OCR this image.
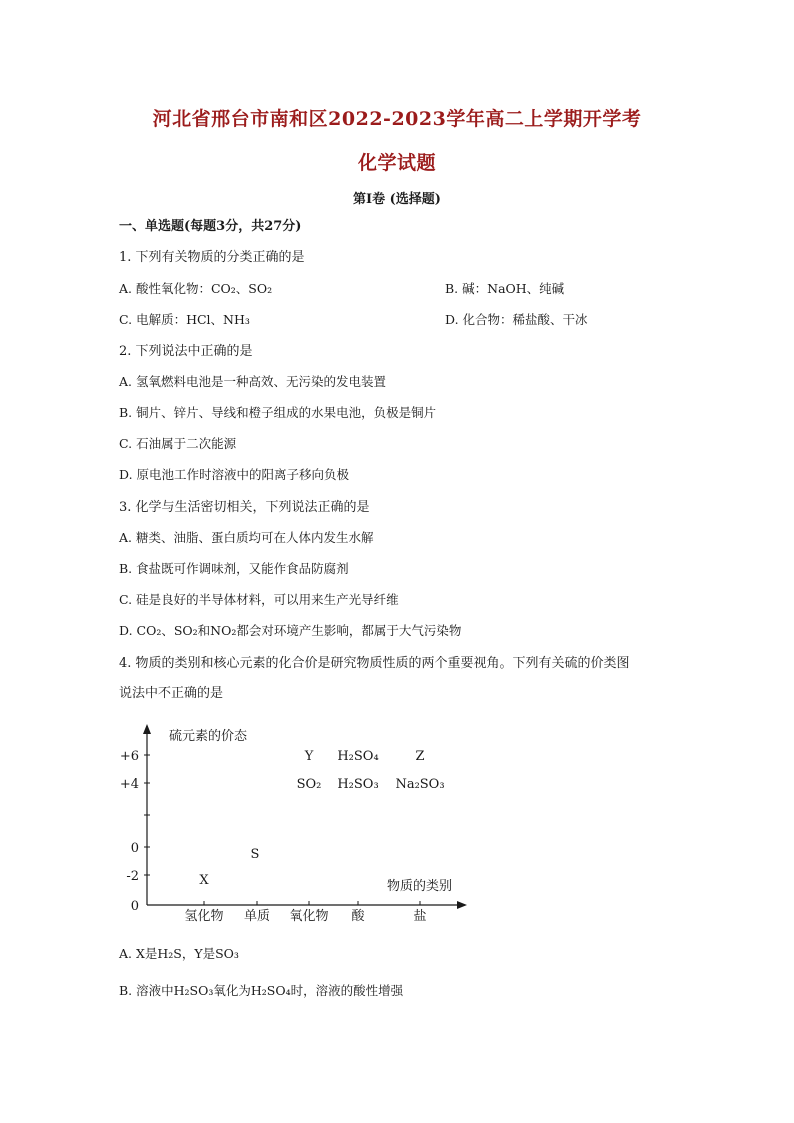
河北省邢台市南和区2022-2023学年高二上学期开学考
化学试题
第Ⅰ卷 (选择题)
一、单选题(每题3分，共27分)
1. 下列有关物质的分类正确的是
A. 酸性氧化物：CO₂、SO₂	B. 碱：NaOH、纯碱
C. 电解质：HCl、NH₃	D. 化合物：稀盐酸、干冰
2. 下列说法中正确的是
A. 氢氧燃料电池是一种高效、无污染的发电装置
B. 铜片、锌片、导线和橙子组成的水果电池，负极是铜片
C. 石油属于二次能源
D. 原电池工作时溶液中的阳离子移向负极
3. 化学与生活密切相关，下列说法正确的是
A. 糖类、油脂、蛋白质均可在人体内发生水解
B. 食盐既可作调味剂，又能作食品防腐剂
C. 硅是良好的半导体材料，可以用来生产光导纤维
D. CO₂、SO₂和NO₂都会对环境产生影响，都属于大气污染物
4. 物质的类别和核心元素的化合价是研究物质性质的两个重要视角。下列有关硫的价类图
说法中不正确的是
硫元素的价态
物质的类别
+6
+4
0
-2
0
氢化物 单质 氧化物 酸	盐
X
S
Y
SO₂
H₂SO₄
H₂SO₃
Z
Na₂SO₃
A. X是H₂S，Y是SO₃
B. 溶液中H₂SO₃氧化为H₂SO₄时，溶液的酸性增强
